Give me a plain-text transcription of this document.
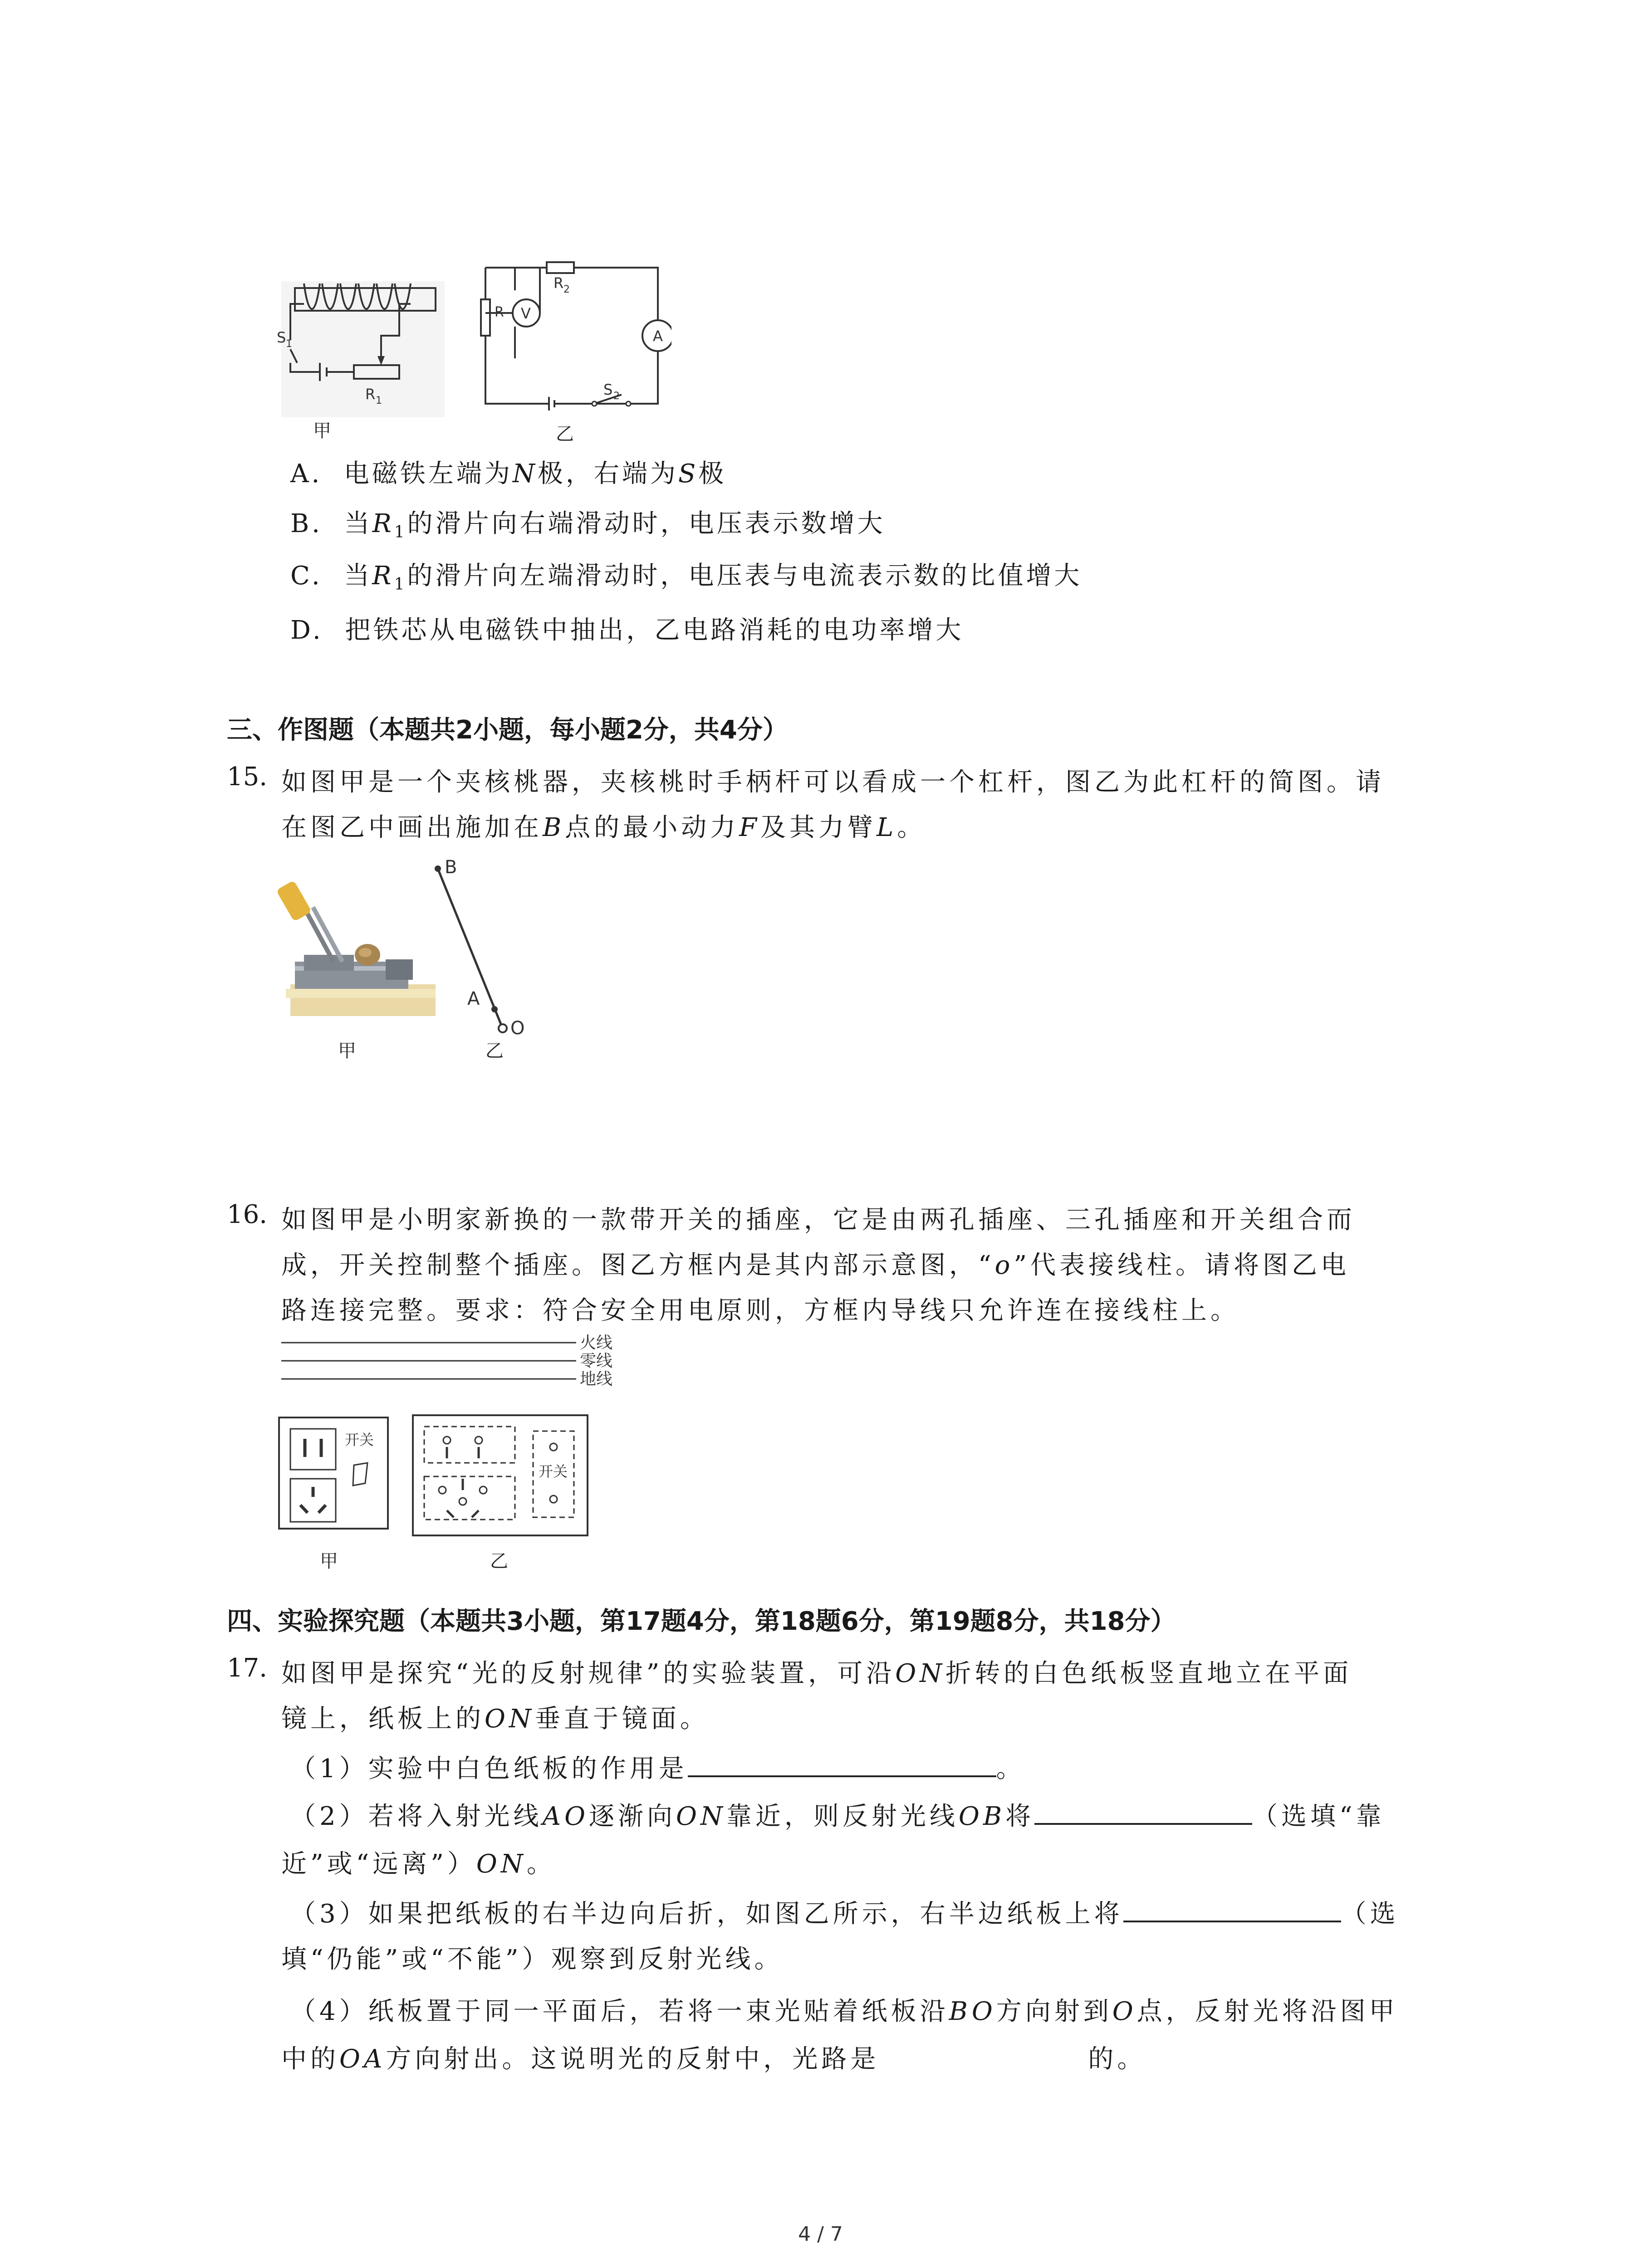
S 1
R 1
甲
R 2
R V
A
S 2
乙
A. 电磁铁左端为N极，右端为S极
B. 当$R_1$的滑片向右端滑动时，电压表示数增大
C. 当$R_1$的滑片向左端滑动时，电压表与电流表示数的比值增大
D. 把铁芯从电磁铁中抽出，乙电路消耗的电功率增大
三、作图题（本题共2小题，每小题2分，共4分）
15. 如图甲是一个夹核桃器，夹核桃时手柄杆可以看成一个杠杆，图乙为此杠杆的简图。请
在图乙中画出施加在B点的最小动力F及其力臂L。
甲
B
A
O
乙
16. 如图甲是小明家新换的一款带开关的插座，它是由两孔插座、三孔插座和开关组合而
成，开关控制整个插座。图乙方框内是其内部示意图，“o”代表接线柱。请将图乙电
路连接完整。要求：符合安全用电原则，方框内导线只允许连在接线柱上。
火线
零线
地线
开关
甲
开关
乙
四、实验探究题（本题共3小题，第17题4分，第18题6分，第19题8分，共18分）
17. 如图甲是探究“光的反射规律”的实验装置，可沿ON折转的白色纸板竖直地立在平面
镜上，纸板上的ON垂直于镜面。
（1）实验中白色纸板的作用是	。
（2）若将入射光线AO逐渐向ON靠近，则反射光线OB将	（选填“靠
近”或“远离”）ON。
（3）如果把纸板的右半边向后折，如图乙所示，右半边纸板上将	（选
填“仍能”或“不能”）观察到反射光线。
（4）纸板置于同一平面后，若将一束光贴着纸板沿BO方向射到O点，反射光将沿图甲
中的OA方向射出。这说明光的反射中，光路是	的。
4 / 7
